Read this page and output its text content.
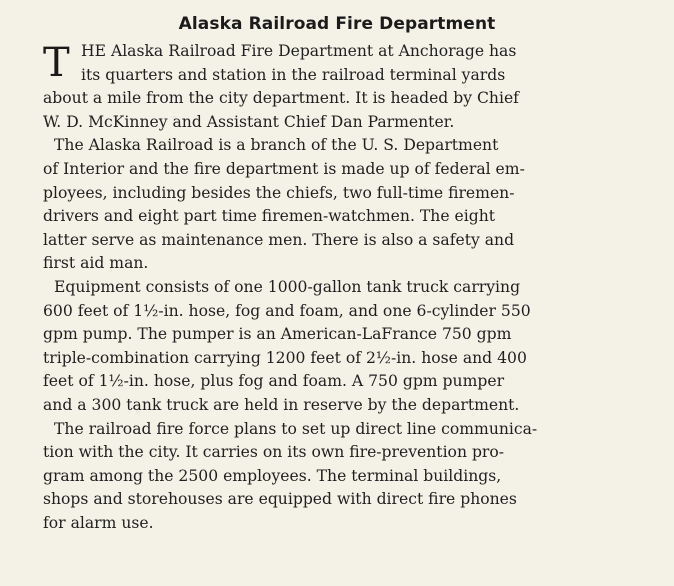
Alaska Railroad Fire Department
T HE Alaska Railroad Fire Department at Anchorage has
its quarters and station in the railroad terminal yards
about a mile from the city department. It is headed by Chief
W. D. McKinney and Assistant Chief Dan Parmenter.
The Alaska Railroad is a branch of the U. S. Department
of Interior and the fire department is made up of federal em-
ployees, including besides the chiefs, two full-time firemen-
drivers and eight part time firemen-watchmen. The eight
latter serve as maintenance men. There is also a safety and
first aid man.
Equipment consists of one 1000-gallon tank truck carrying
600 feet of 1½-in. hose, fog and foam, and one 6-cylinder 550
gpm pump. The pumper is an American-LaFrance 750 gpm
triple-combination carrying 1200 feet of 2½-in. hose and 400
feet of 1½-in. hose, plus fog and foam. A 750 gpm pumper
and a 300 tank truck are held in reserve by the department.
The railroad fire force plans to set up direct line communica-
tion with the city. It carries on its own fire-prevention pro-
gram among the 2500 employees. The terminal buildings,
shops and storehouses are equipped with direct fire phones
for alarm use.
